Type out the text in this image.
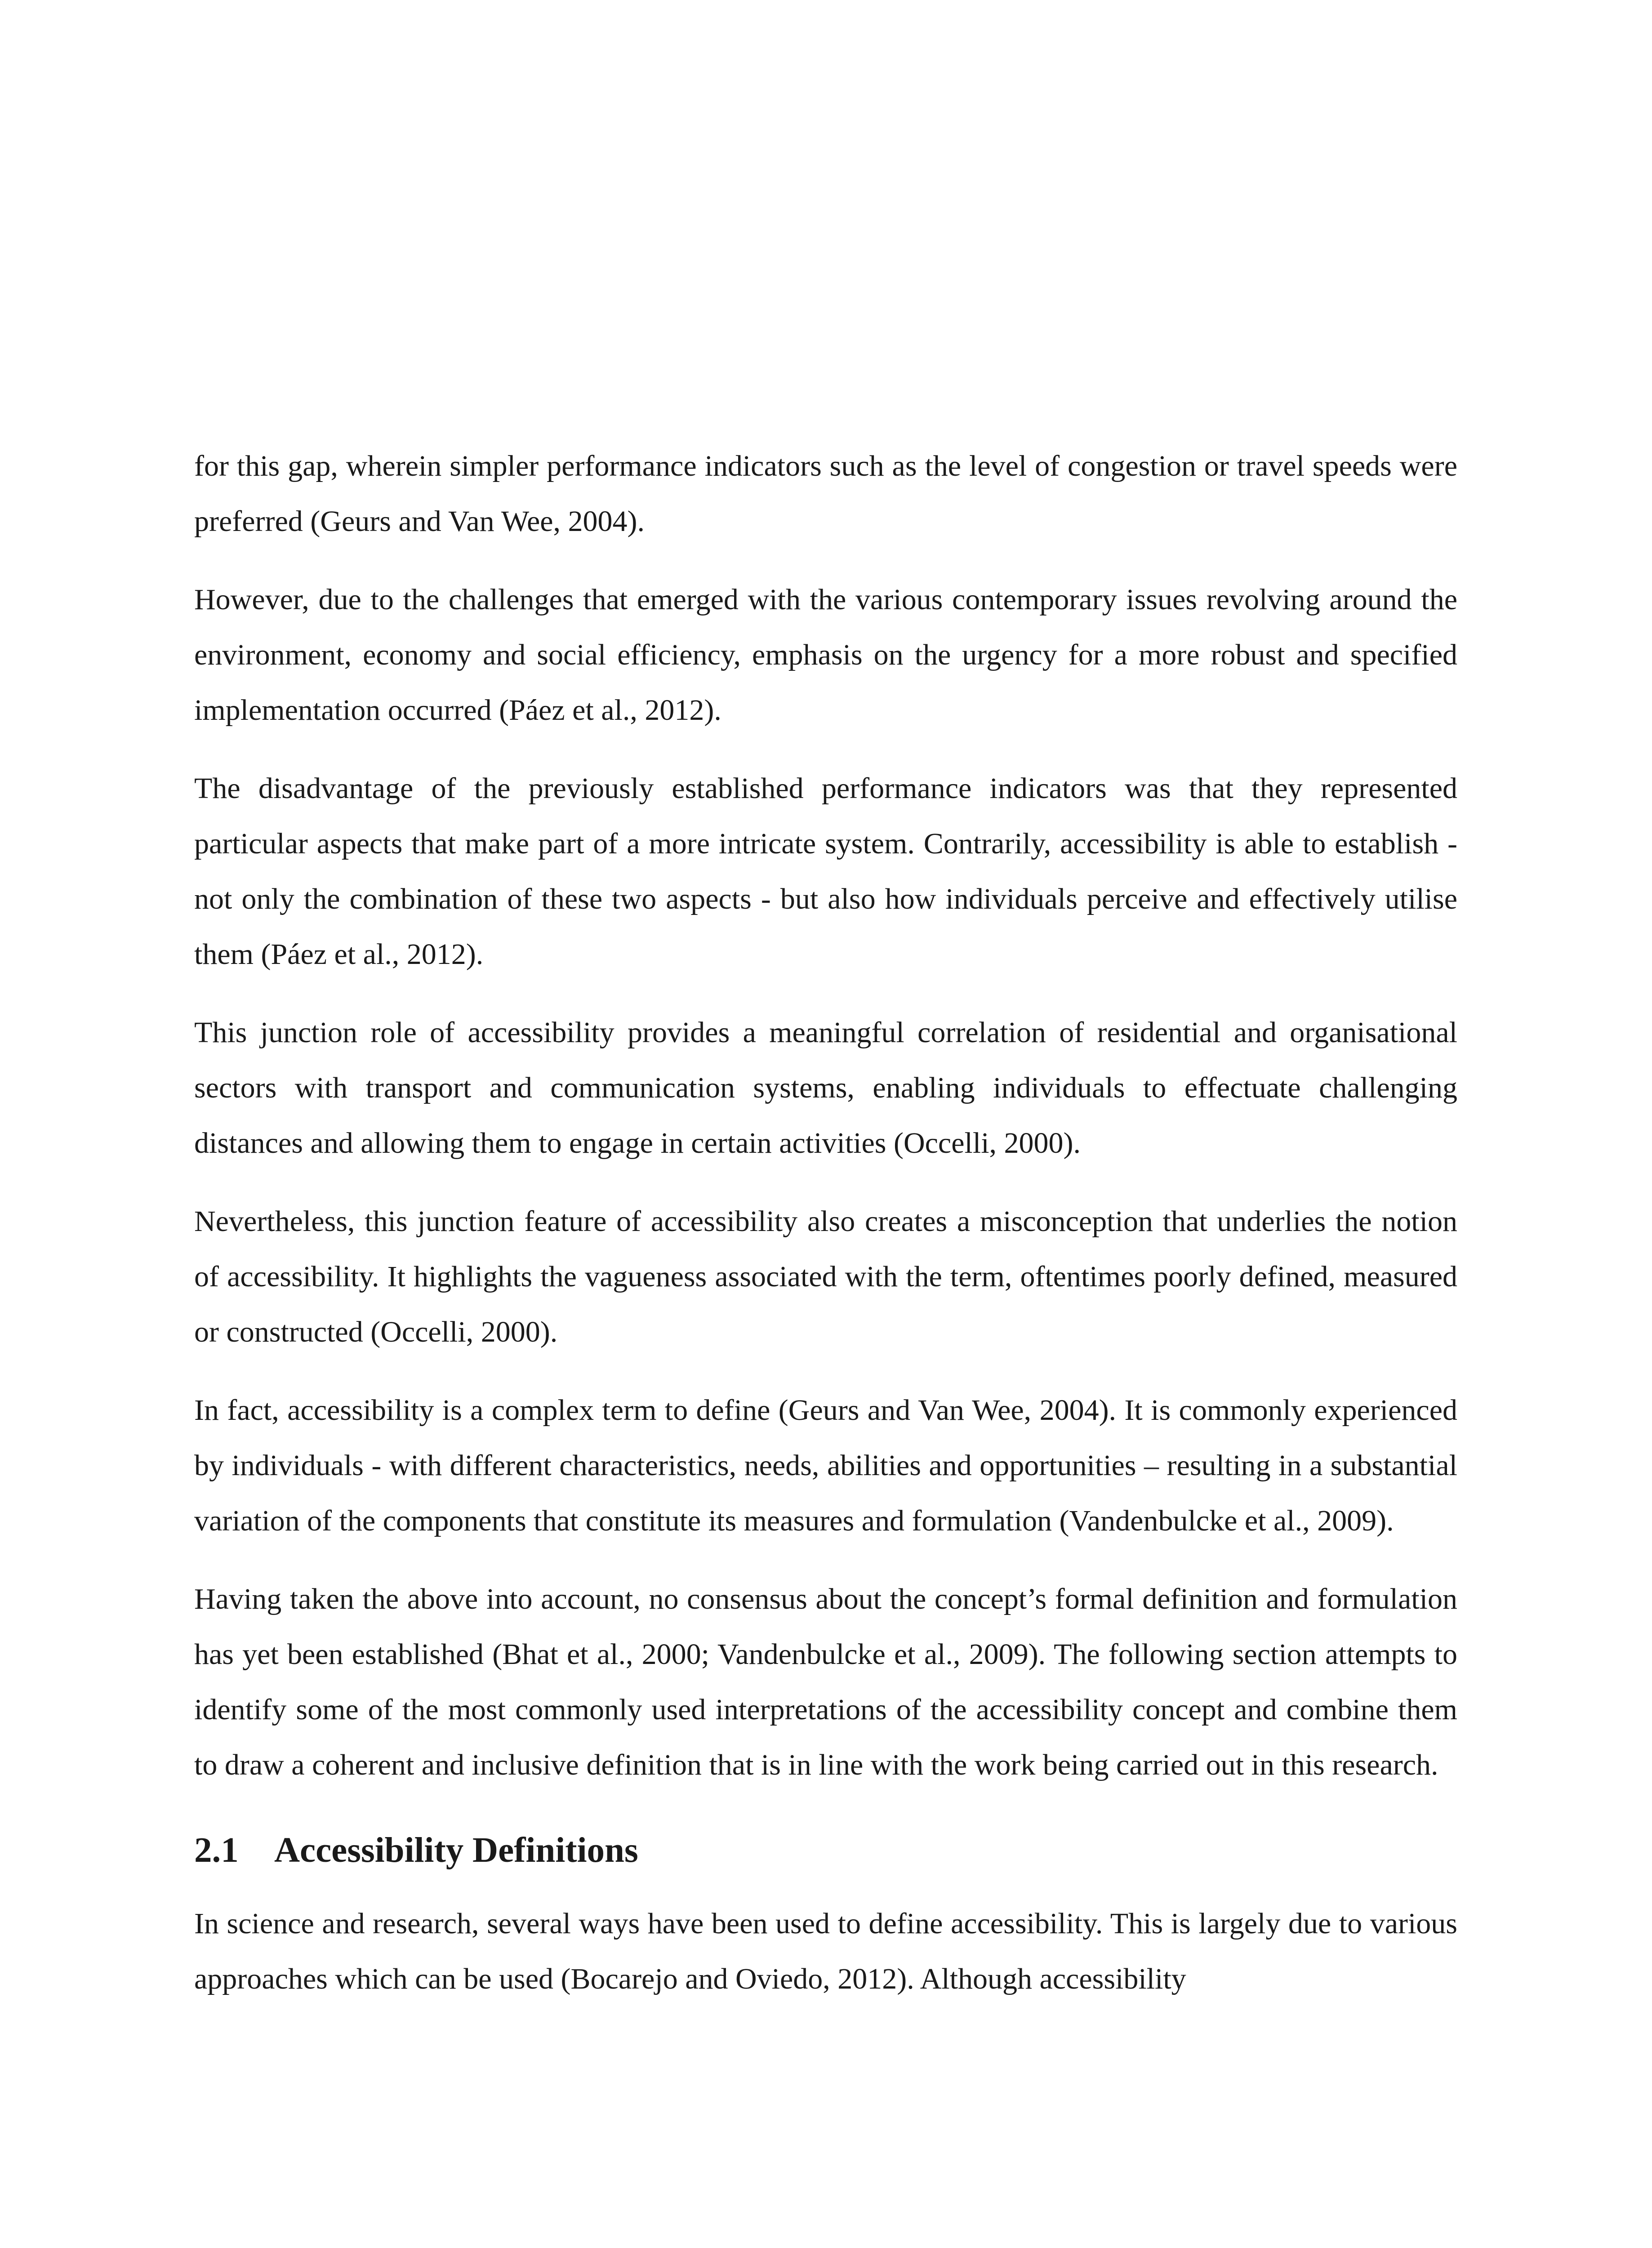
for this gap, wherein simpler performance indicators such as the level of congestion or travel speeds were preferred (Geurs and Van Wee, 2004).

However, due to the challenges that emerged with the various contemporary issues revolving around the environment, economy and social efficiency, emphasis on the urgency for a more robust and specified implementation occurred (Páez et al., 2012).

The disadvantage of the previously established performance indicators was that they represented particular aspects that make part of a more intricate system. Contrarily, accessibility is able to establish - not only the combination of these two aspects - but also how individuals perceive and effectively utilise them (Páez et al., 2012).

This junction role of accessibility provides a meaningful correlation of residential and organisational sectors with transport and communication systems, enabling individuals to effectuate challenging distances and allowing them to engage in certain activities (Occelli, 2000).

Nevertheless, this junction feature of accessibility also creates a misconception that underlies the notion of accessibility. It highlights the vagueness associated with the term, oftentimes poorly defined, measured or constructed (Occelli, 2000).

In fact, accessibility is a complex term to define (Geurs and Van Wee, 2004). It is commonly experienced by individuals - with different characteristics, needs, abilities and opportunities – resulting in a substantial variation of the components that constitute its measures and formulation (Vandenbulcke et al., 2009).

Having taken the above into account, no consensus about the concept’s formal definition and formulation has yet been established (Bhat et al., 2000; Vandenbulcke et al., 2009). The following section attempts to identify some of the most commonly used interpretations of the accessibility concept and combine them to draw a coherent and inclusive definition that is in line with the work being carried out in this research.

2.1 Accessibility Definitions

In science and research, several ways have been used to define accessibility. This is largely due to various approaches which can be used (Bocarejo and Oviedo, 2012). Although accessibility
